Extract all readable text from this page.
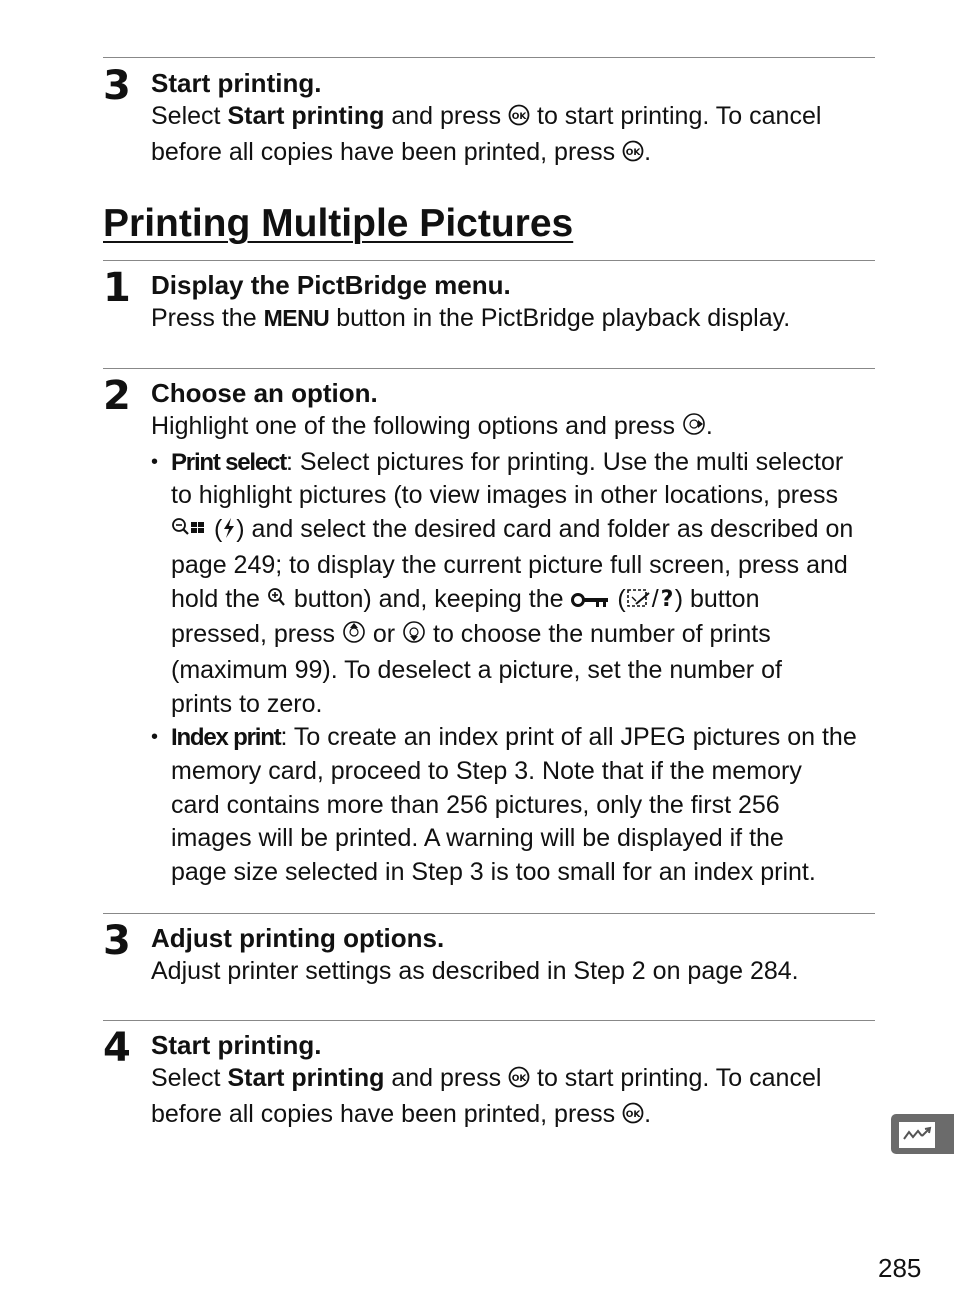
3 Start printing.
Select Start printing and press OK to start printing. To cancel
before all copies have been printed, press OK .
Printing Multiple Pictures
1 Display the PictBridge menu.
Press the MENU button in the PictBridge playback display.
2 Choose an option.
Highlight one of the following options and press .
• Print select: Select pictures for printing. Use the multi selector
to highlight pictures (to view images in other locations, press
( ) and select the desired card and folder as described on
page 249; to display the current picture full screen, press and
hold the  button) and, keeping the  ( / ? ) button
pressed, press  or  to choose the number of prints
(maximum 99). To deselect a picture, set the number of
prints to zero.
• Index print: To create an index print of all JPEG pictures on the
memory card, proceed to Step 3. Note that if the memory
card contains more than 256 pictures, only the first 256
images will be printed. A warning will be displayed if the
page size selected in Step 3 is too small for an index print.
3 Adjust printing options.
Adjust printer settings as described in Step 2 on page 284.
4 Start printing.
Select Start printing and press OK to start printing. To cancel
before all copies have been printed, press OK .
285
